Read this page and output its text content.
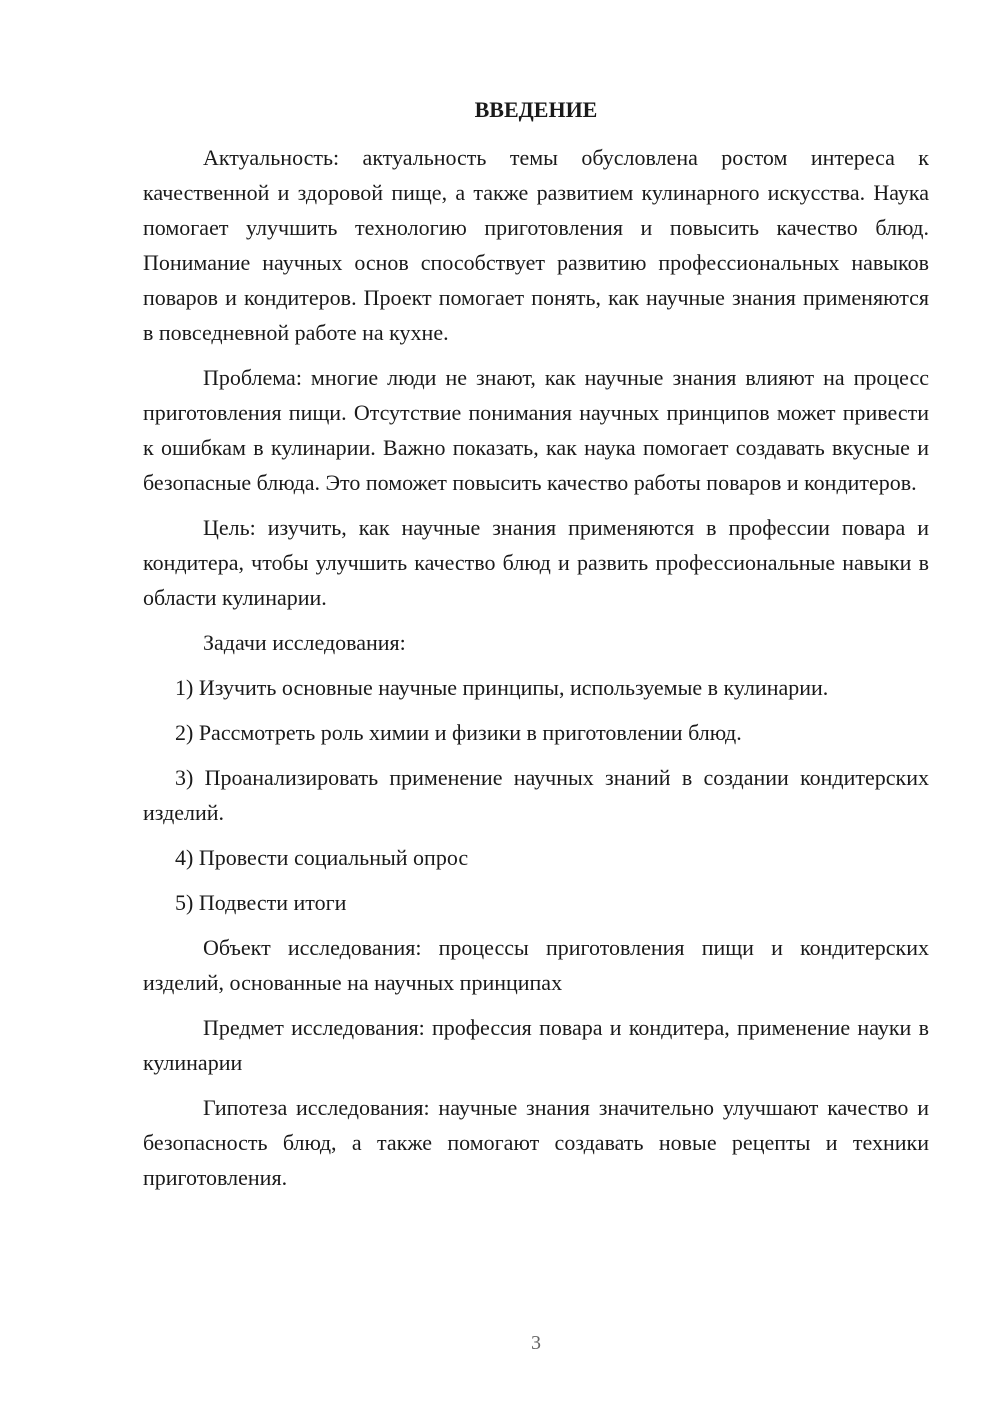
ВВЕДЕНИЕ

Актуальность: актуальность темы обусловлена ростом интереса к качественной и здоровой пище, а также развитием кулинарного искусства. Наука помогает улучшить технологию приготовления и повысить качество блюд. Понимание научных основ способствует развитию профессиональных навыков поваров и кондитеров. Проект помогает понять, как научные знания применяются в повседневной работе на кухне.

Проблема: многие люди не знают, как научные знания влияют на процесс приготовления пищи. Отсутствие понимания научных принципов может привести к ошибкам в кулинарии. Важно показать, как наука помогает создавать вкусные и безопасные блюда. Это поможет повысить качество работы поваров и кондитеров.

Цель: изучить, как научные знания применяются в профессии повара и кондитера, чтобы улучшить качество блюд и развить профессиональные навыки в области кулинарии.

Задачи исследования:

1) Изучить основные научные принципы, используемые в кулинарии.

2) Рассмотреть роль химии и физики в приготовлении блюд.

3) Проанализировать применение научных знаний в создании кондитерских изделий.

4) Провести социальный опрос

5) Подвести итоги

Объект исследования: процессы приготовления пищи и кондитерских изделий, основанные на научных принципах

Предмет исследования: профессия повара и кондитера, применение науки в кулинарии

Гипотеза исследования: научные знания значительно улучшают качество и безопасность блюд, а также помогают создавать новые рецепты и техники приготовления.

3
